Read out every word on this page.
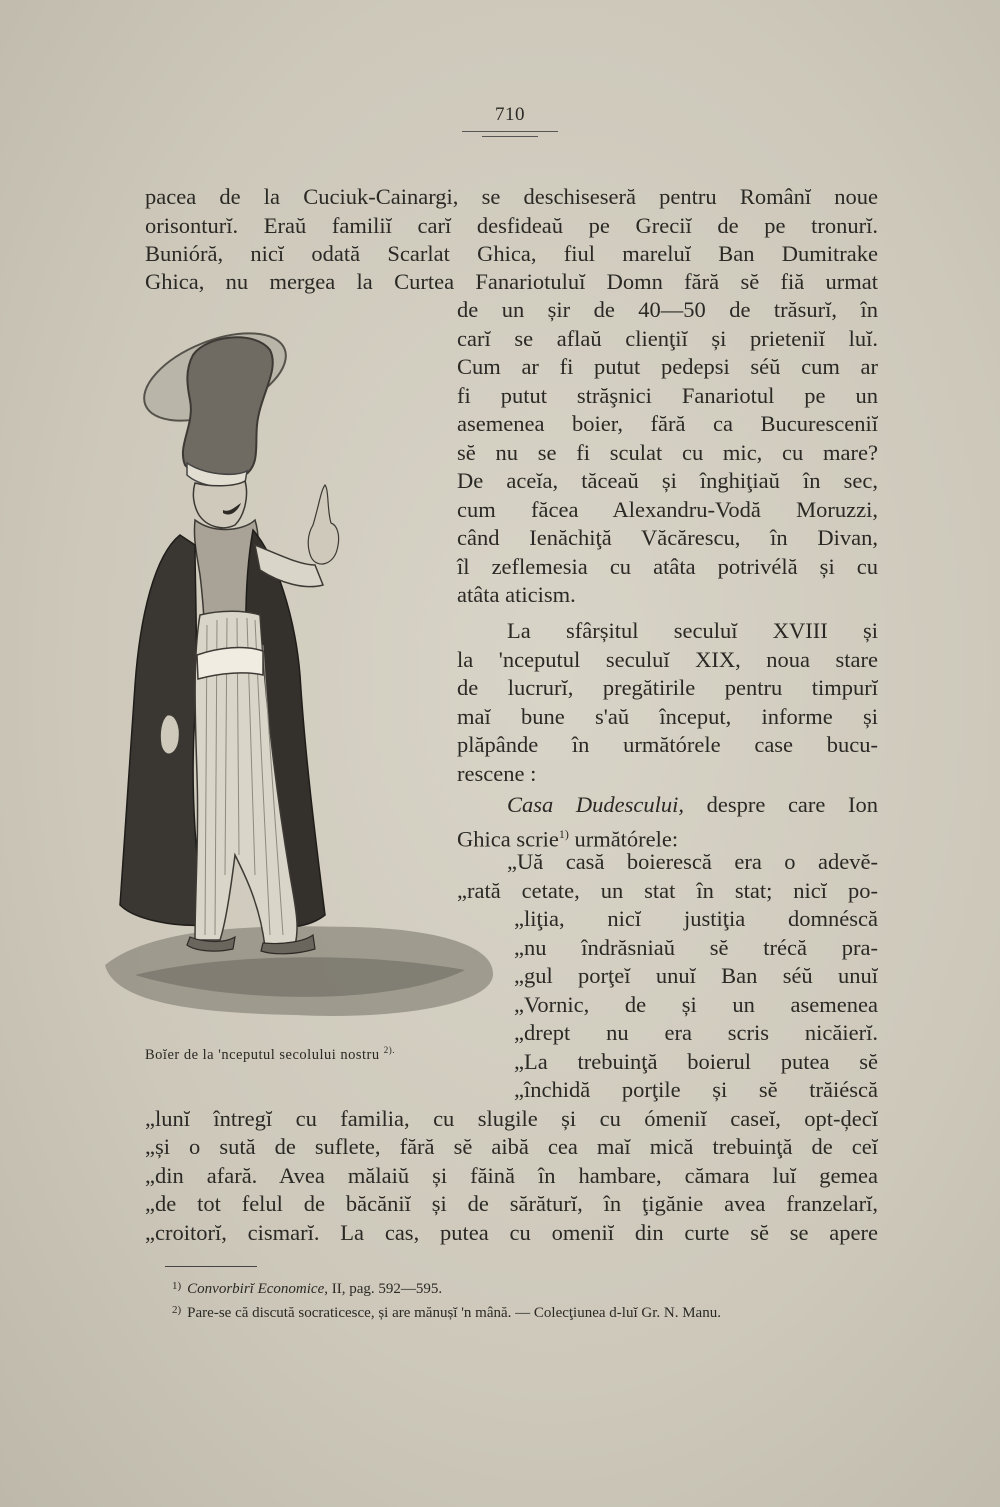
710
pacea de la Cuciuk-Cainargi, se deschiseseră pentru Românĭ noue
orisonturĭ. Eraŭ familiĭ carĭ desfideaŭ pe Greciĭ de pe tronurĭ.
Bunióră, nicĭ odată Scarlat Ghica, fiul mareluĭ Ban Dumitrake
Ghica, nu mergea la Curtea Fanariotuluĭ Domn fără sĕ fiă urmat
de un șir de 40—50 de trăsurĭ, în
carĭ se aflaŭ clienţiĭ și prieteniĭ luĭ.
Cum ar fi putut pedepsi séŭ cum ar
fi putut străşnici Fanariotul pe un
asemenea boier, fără ca Bucuresceniĭ
sĕ nu se fi sculat cu mic, cu mare?
De aceĭa, tăceaŭ și înghiţiaŭ în sec,
cum făcea Alexandru-Vodă Moruzzi,
când Ienăchiţă Văcărescu, în Divan,
îl zeflemesia cu atâta potrivélă și cu
atâta aticism.
La sfârșitul seculuĭ XVIII și
la 'nceputul seculuĭ XIX, noua stare
de lucrurĭ, pregătirile pentru timpurĭ
maĭ bune s'aŭ început, informe și
plăpânde în următórele case bucu-
rescene :
Casa Dudescului, despre care Ion
Ghica scrie$^{1)}$ următórele:
„Uă casă boierescă era o adevĕ-
„rată cetate, un stat în stat; nicĭ po-
„liţia, nicĭ justiţia domnéscă
„nu îndrăsniaŭ sĕ trécă pra-
„gul porţeĭ unuĭ Ban séŭ unuĭ
„Vornic, de și un asemenea
„drept nu era scris nicăierĭ.
„La trebuinţă boierul putea sĕ
„închidă porţile și sĕ trăiéscă
„lunĭ întregĭ cu familia, cu slugile și cu ómeniĭ caseĭ, opt-ḑecĭ
„și o sută de suflete, fără sĕ aibă cea maĭ mică trebuinţă de ceĭ
„din afară. Avea mălaiŭ și făină în hambare, cămara luĭ gemea
„de tot felul de băcăniĭ și de sărăturĭ, în ţigănie avea franzelarĭ,
„croitorĭ, cismarĭ. La cas, putea cu omeniĭ din curte sĕ se apere
Boĭer de la 'nceputul secolului nostru $^{2).}$
$^{1)}$ Convorbirĭ Economice, II, pag. 592—595.
$^{2)}$ Pare-se că discută socraticesce, și are mănușĭ 'n mână. — Colecţiunea d-luĭ Gr. N. Manu.
